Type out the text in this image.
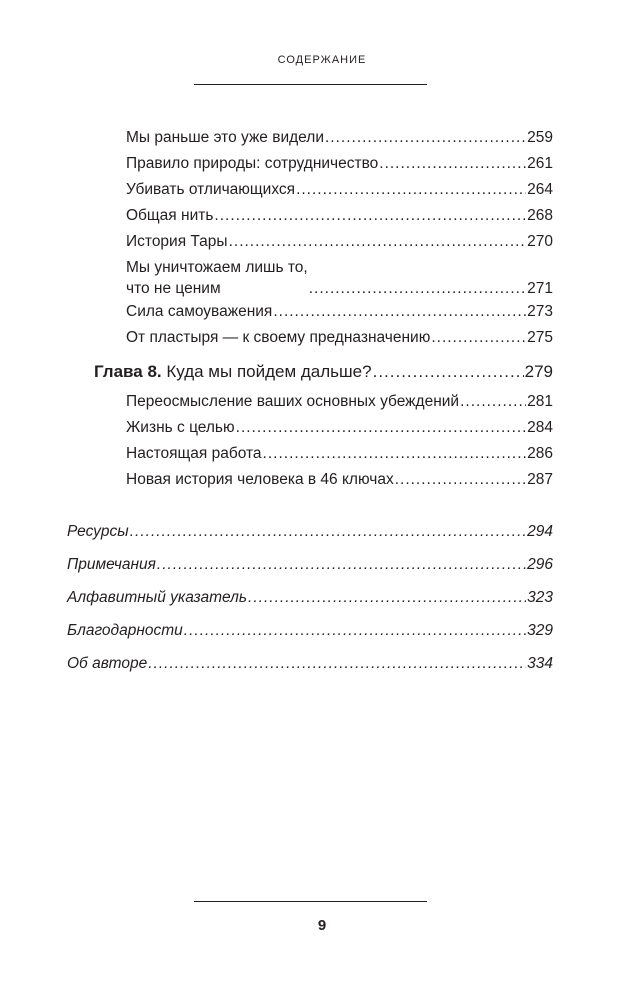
СОДЕРЖАНИЕ
Мы раньше это уже видели .....	259
Правило природы: сотрудничество .....	261
Убивать отличающихся .....	264
Общая нить .....	268
История Тары .....	270
Мы уничтожаем лишь то,
что не ценим .....	271
Сила самоуважения .....	273
От пластыря — к своему предназначению .....	275
Глава 8. Куда мы пойдем дальше? .....	279
Переосмысление ваших основных убеждений .....	281
Жизнь с целью .....	284
Настоящая работа .....	286
Новая история человека в 46 ключах .....	287
Ресурсы .....	294
Примечания .....	296
Алфавитный указатель .....	323
Благодарности .....	329
Об авторе .....	334
9
